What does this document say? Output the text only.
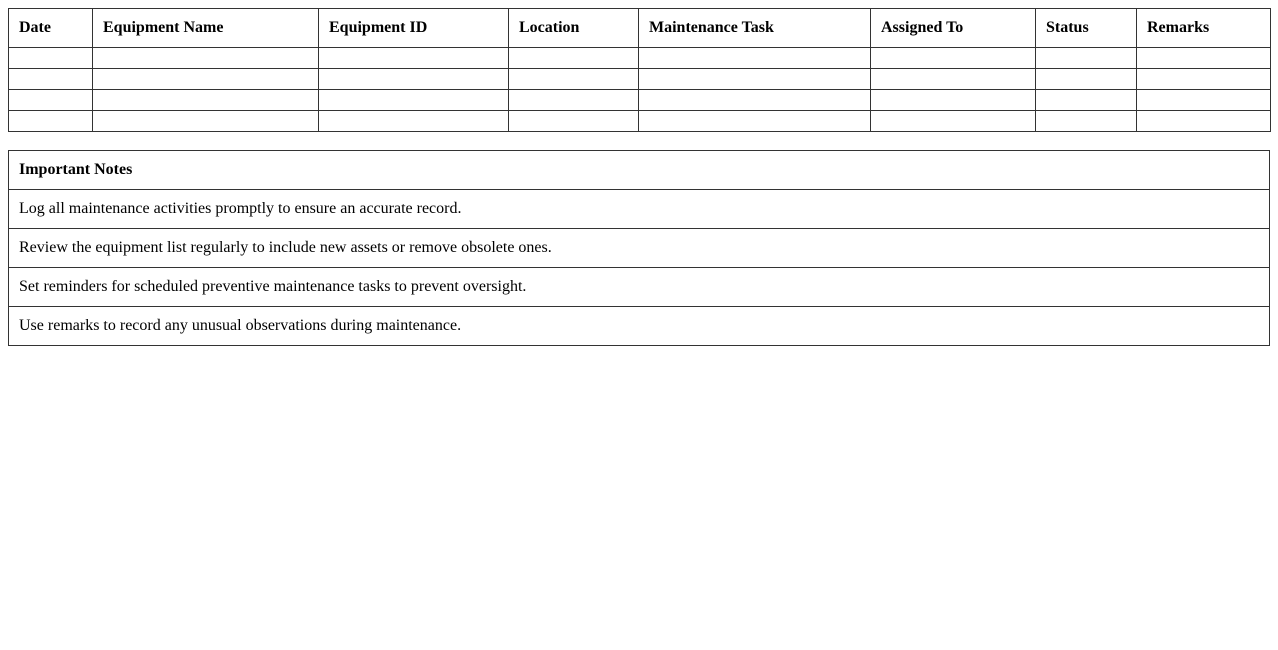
Date	Equipment Name	Equipment ID	Location	Maintenance Task	Assigned To	Status	Remarks

Important Notes
Log all maintenance activities promptly to ensure an accurate record.
Review the equipment list regularly to include new assets or remove obsolete ones.
Set reminders for scheduled preventive maintenance tasks to prevent oversight.
Use remarks to record any unusual observations during maintenance.
